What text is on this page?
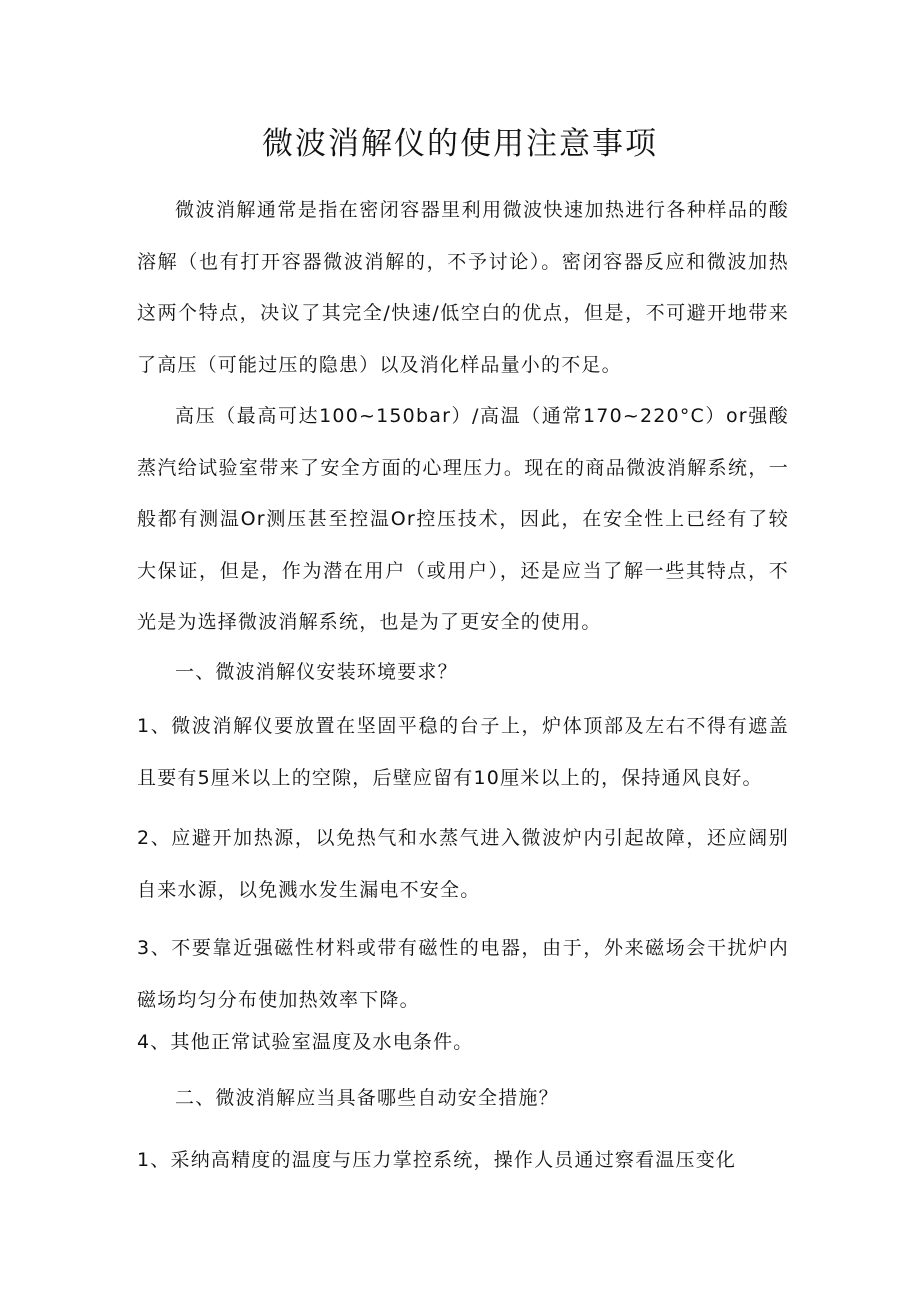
微波消解仪的使用注意事项

微波消解通常是指在密闭容器里利用微波快速加热进行各种样品的酸溶解（也有打开容器微波消解的，不予讨论）。密闭容器反应和微波加热这两个特点，决议了其完全/快速/低空白的优点，但是，不可避开地带来了高压（可能过压的隐患）以及消化样品量小的不足。

高压（最高可达100~150bar）/高温（通常170~220°C）or强酸蒸汽给试验室带来了安全方面的心理压力。现在的商品微波消解系统，一般都有测温Or测压甚至控温Or控压技术，因此，在安全性上已经有了较大保证，但是，作为潜在用户（或用户），还是应当了解一些其特点，不光是为选择微波消解系统，也是为了更安全的使用。

一、微波消解仪安装环境要求？

1、微波消解仪要放置在坚固平稳的台子上，炉体顶部及左右不得有遮盖且要有5厘米以上的空隙，后壁应留有10厘米以上的，保持通风良好。

2、应避开加热源，以免热气和水蒸气进入微波炉内引起故障，还应阔别自来水源，以免溅水发生漏电不安全。

3、不要靠近强磁性材料或带有磁性的电器，由于，外来磁场会干扰炉内磁场均匀分布使加热效率下降。

4、其他正常试验室温度及水电条件。

二、微波消解应当具备哪些自动安全措施？

1、采纳高精度的温度与压力掌控系统，操作人员通过察看温压变化
